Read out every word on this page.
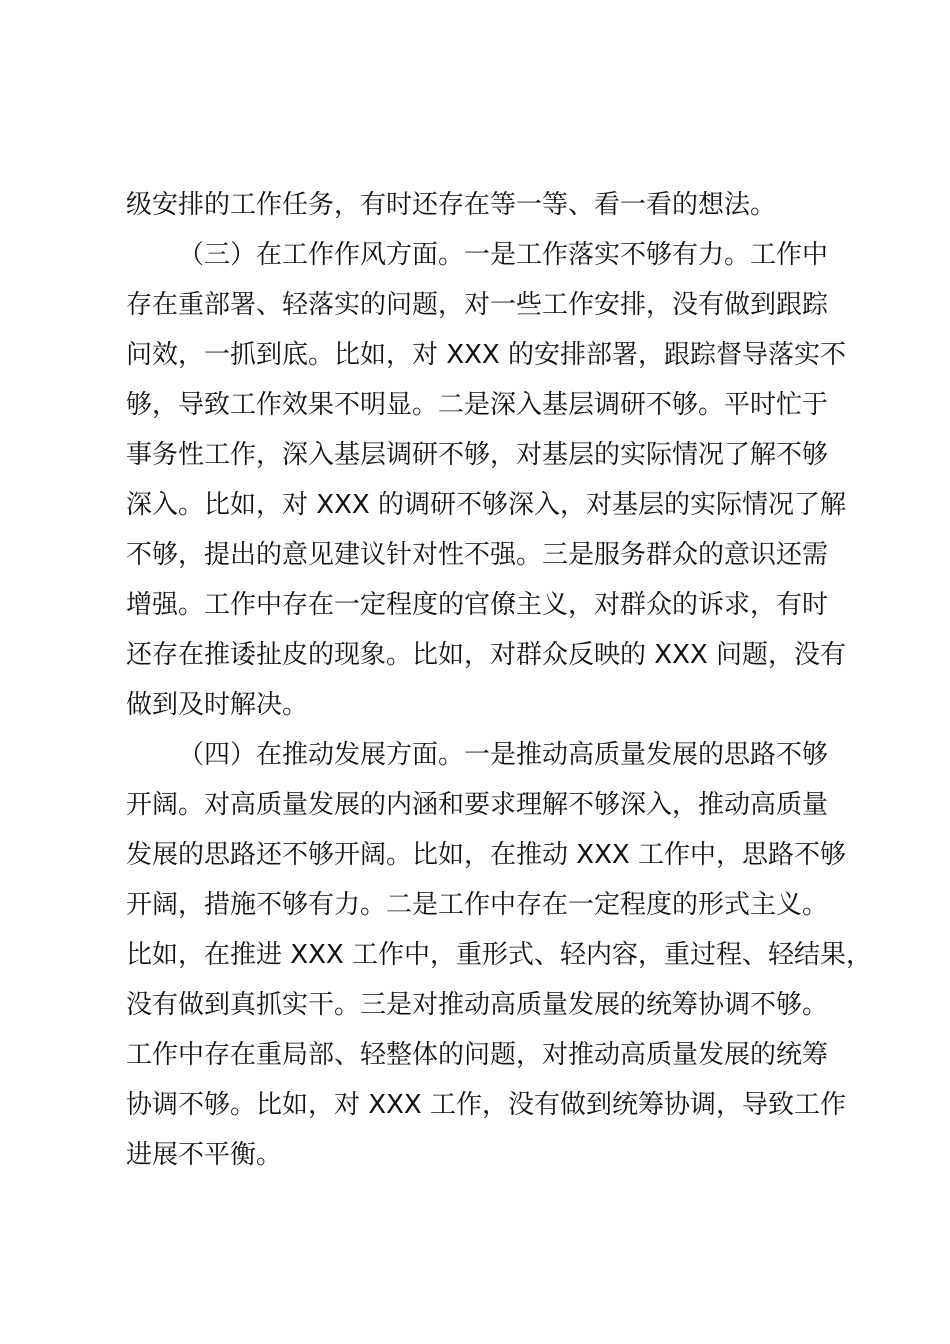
级安排的工作任务，有时还存在等一等、看一看的想法。
（三）在工作作风方面。一是工作落实不够有力。工作中
存在重部署、轻落实的问题，对一些工作安排，没有做到跟踪
问效，一抓到底。比如，对 XXX 的安排部署，跟踪督导落实不
够，导致工作效果不明显。二是深入基层调研不够。平时忙于
事务性工作，深入基层调研不够，对基层的实际情况了解不够
深入。比如，对 XXX 的调研不够深入，对基层的实际情况了解
不够，提出的意见建议针对性不强。三是服务群众的意识还需
增强。工作中存在一定程度的官僚主义，对群众的诉求，有时
还存在推诿扯皮的现象。比如，对群众反映的 XXX 问题，没有
做到及时解决。
（四）在推动发展方面。一是推动高质量发展的思路不够
开阔。对高质量发展的内涵和要求理解不够深入，推动高质量
发展的思路还不够开阔。比如，在推动 XXX 工作中，思路不够
开阔，措施不够有力。二是工作中存在一定程度的形式主义。
比如，在推进 XXX 工作中，重形式、轻内容，重过程、轻结果，
没有做到真抓实干。三是对推动高质量发展的统筹协调不够。
工作中存在重局部、轻整体的问题，对推动高质量发展的统筹
协调不够。比如，对 XXX 工作，没有做到统筹协调，导致工作
进展不平衡。
